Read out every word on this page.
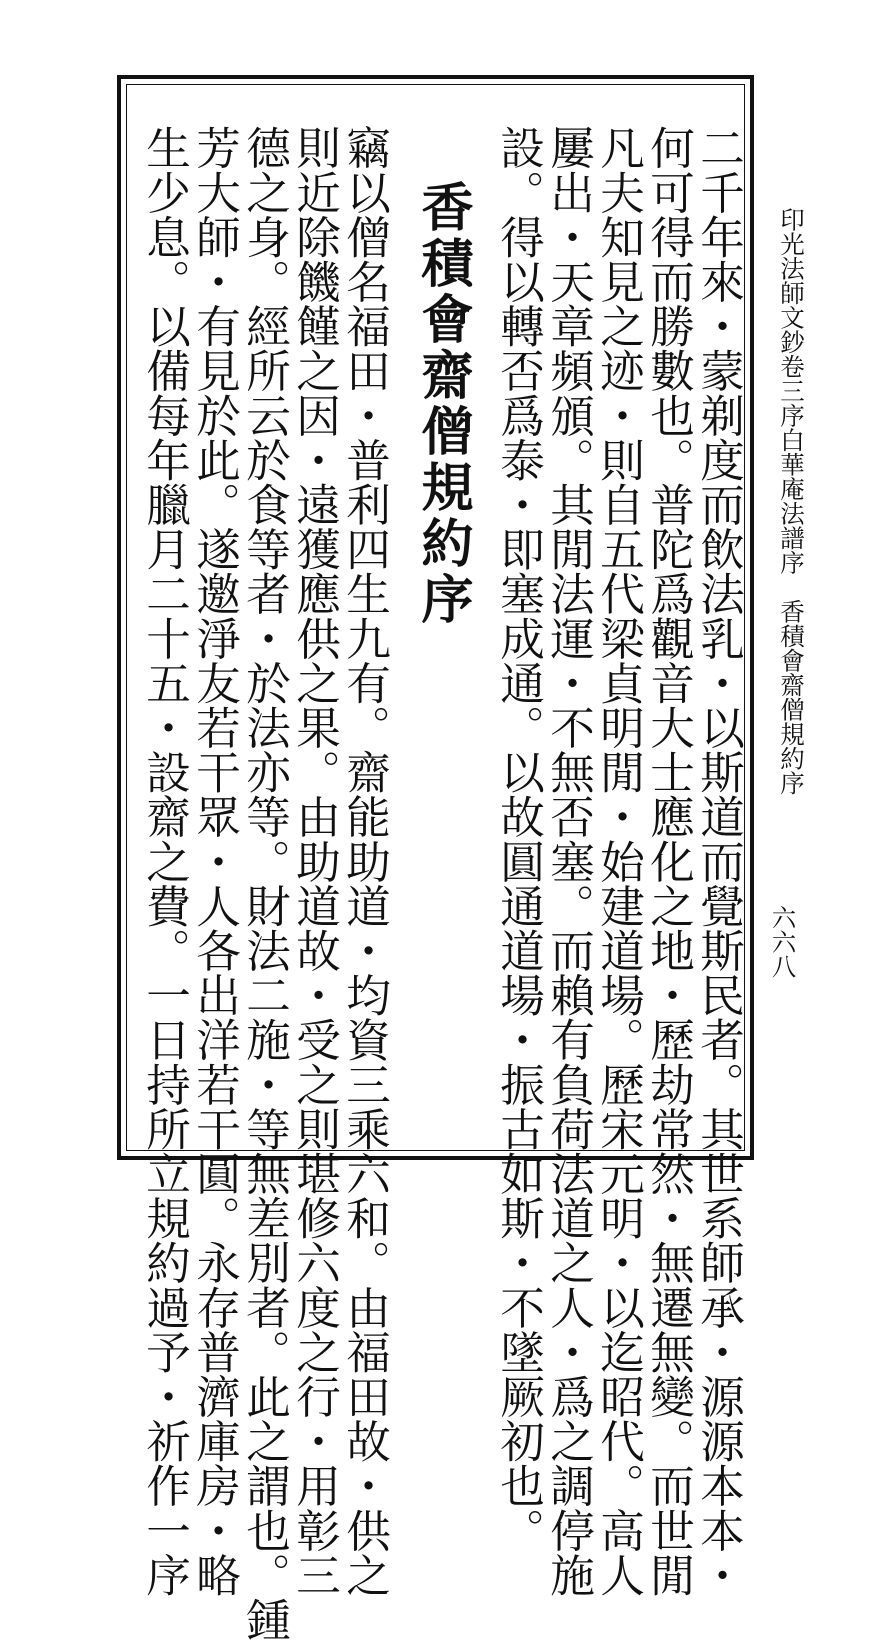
印光法師文鈔卷三序白華庵法譜序　香積會齋僧規約序
六六八
二千年來・蒙剃度而飲法乳・以斯道而覺斯民者。其世系師承・源源本本・
何可得而勝數也。普陀爲觀音大士應化之地・歷劫常然・無遷無變。而世閒
凡夫知見之迹・則自五代梁貞明閒・始建道場。歷宋元明・以迄昭代。高人
屢出・天章頻頒。其閒法運・不無否塞。而賴有負荷法道之人・爲之調停施
設。得以轉否爲泰・即塞成通。以故圓通道場・振古如斯・不墜厥初也。
香積會齋僧規約序
竊以僧名福田・普利四生九有。齋能助道・均資三乘六和。由福田故・供之
則近除饑饉之因・遠獲應供之果。由助道故・受之則堪修六度之行・用彰三
德之身。經所云於食等者・於法亦等。財法二施・等無差別者。此之謂也。鍾
芳大師・有見於此。遂邀淨友若干眾・人各出洋若干圓。永存普濟庫房・略
生少息。以備每年臘月二十五・設齋之費。一日持所立規約過予・祈作一序
